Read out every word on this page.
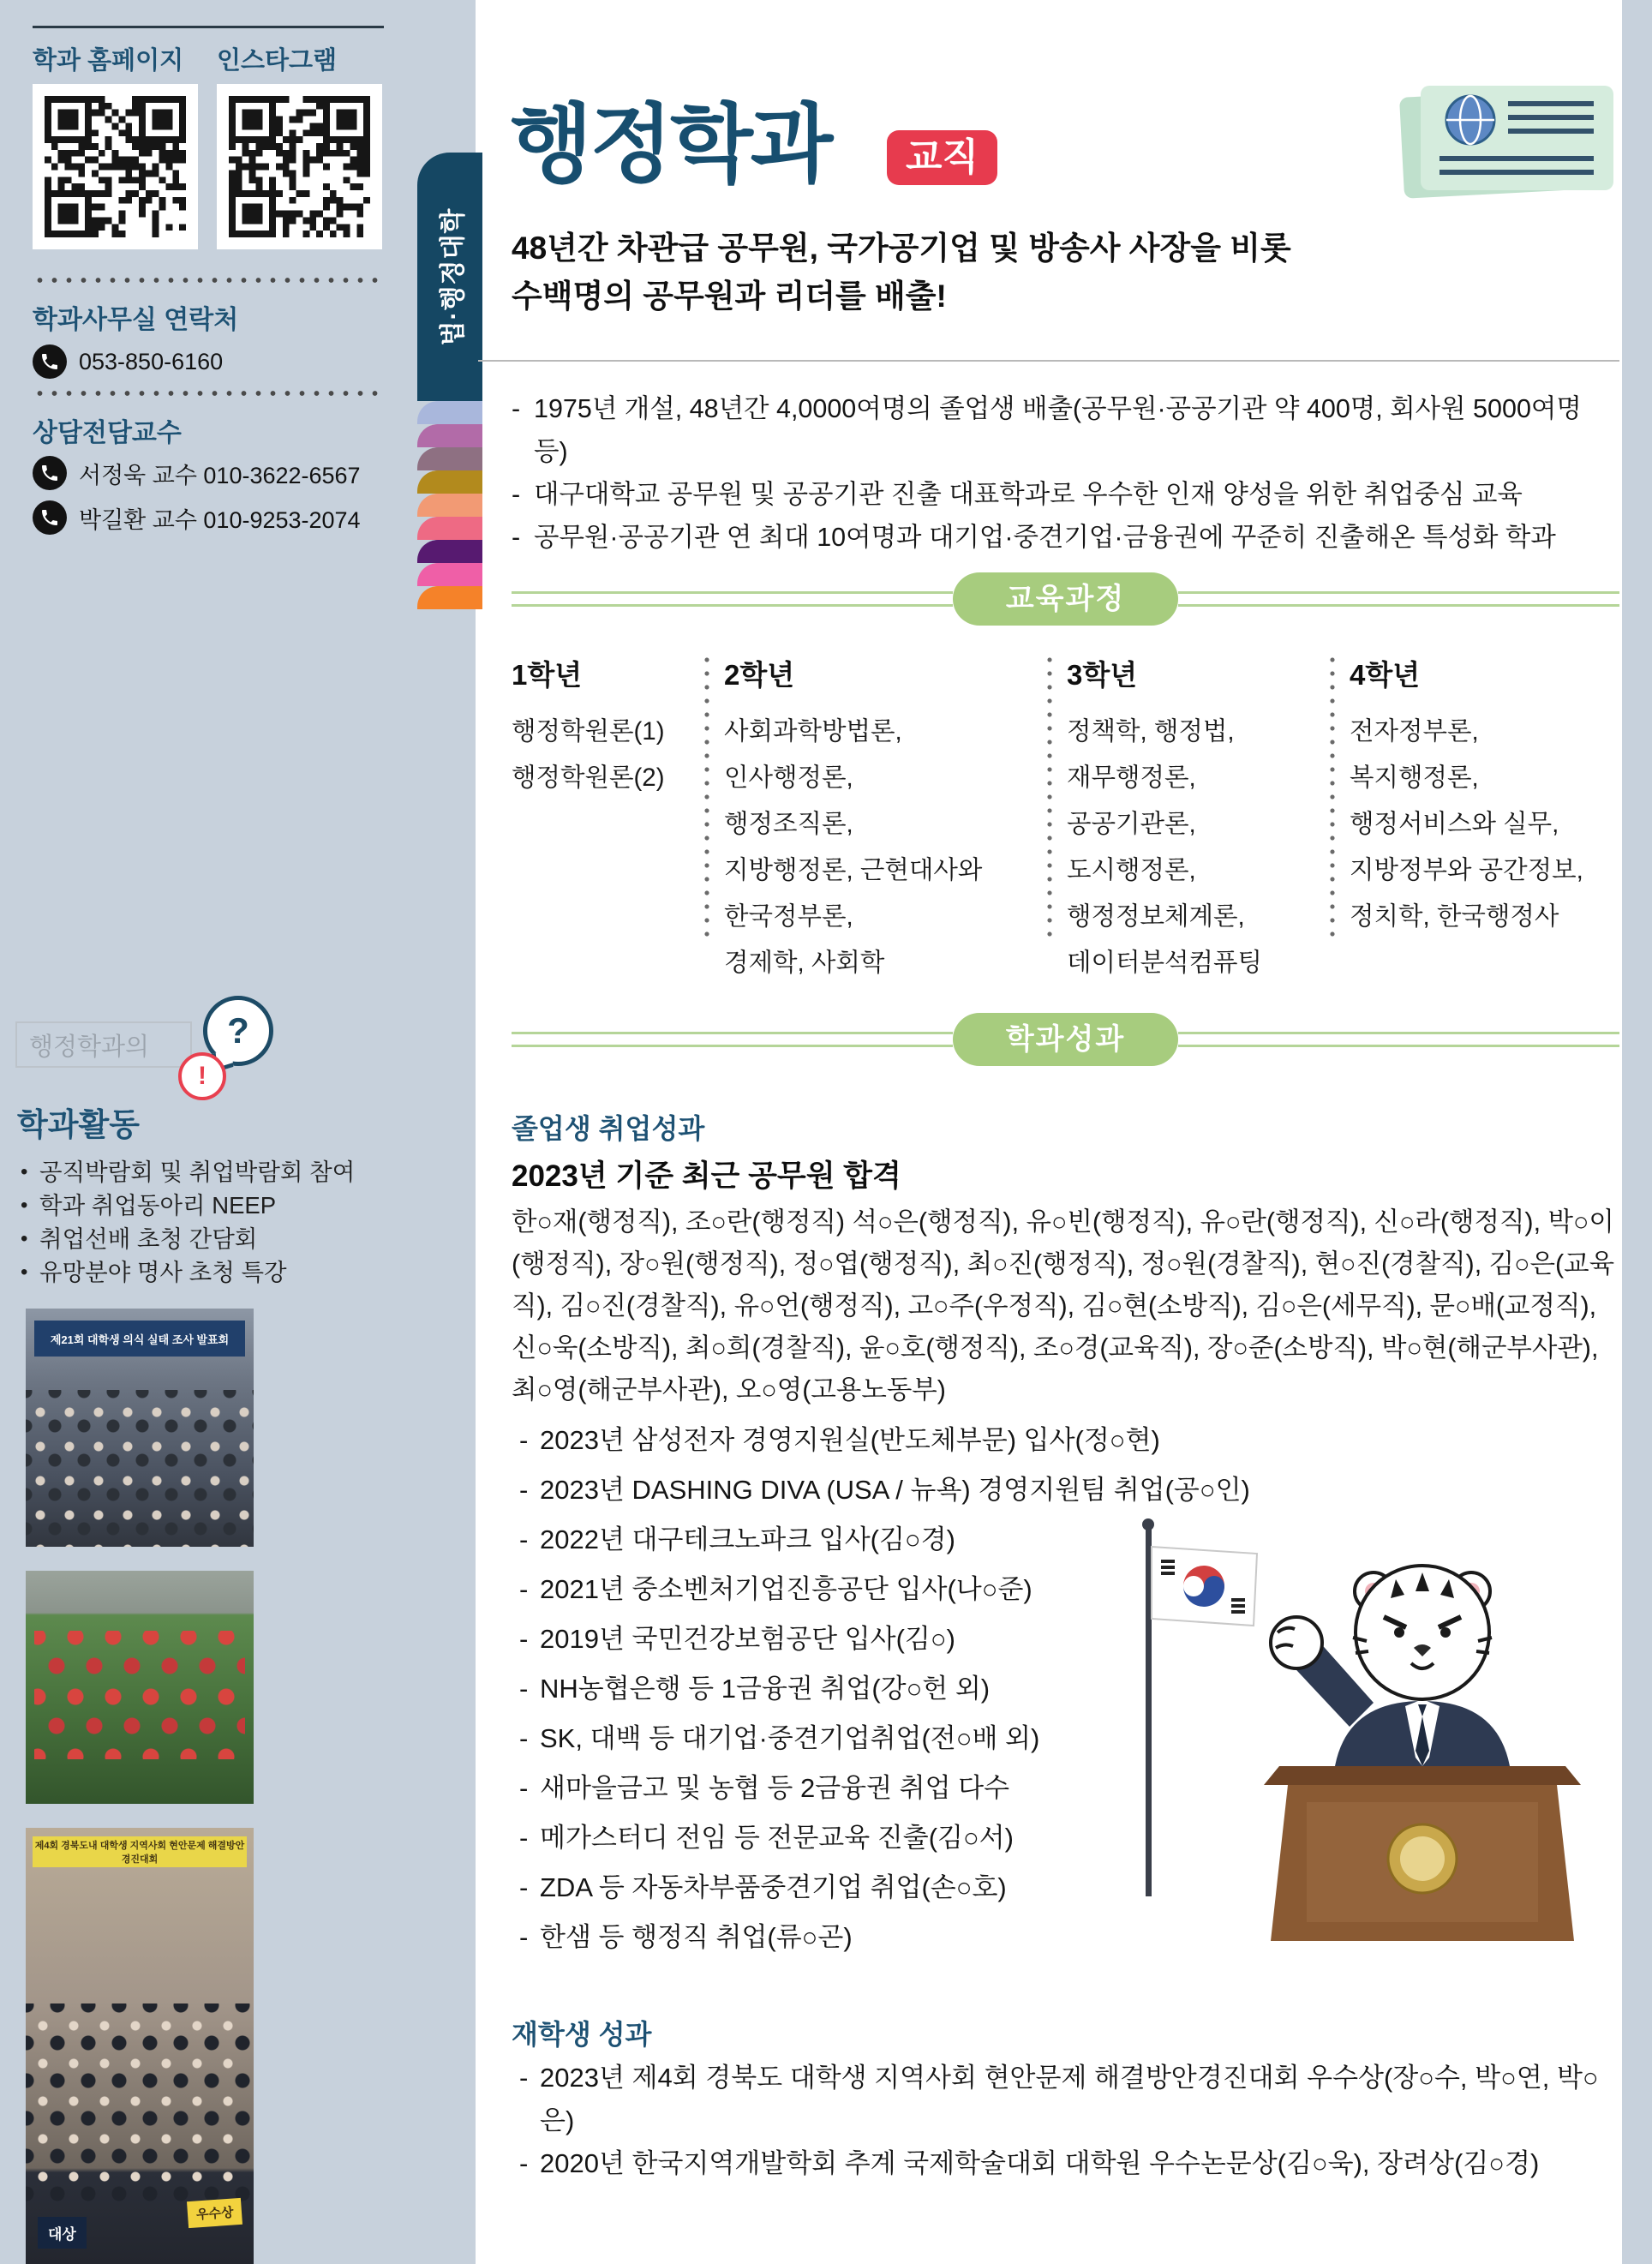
학과 홈페이지 인스타그램
학과사무실 연락처
053-850-6160
상담전담교수
서정욱 교수 010-3622-6567
박길환 교수 010-9253-2074
행정학과의	?
!
학과활동
• 공직박람회 및 취업박람회 참여
• 학과 취업동아리 NEEP
• 취업선배 초청 간담회
• 유망분야 명사 초청 특강
제21회 대학생 의식 실태 조사 발표회
제4회 경북도내 대학생 지역사회 현안문제 해결방안 경진대회
대상
우수상
법·행정대학
행정학과	교직
48년간 차관급 공무원, 국가공기업 및 방송사 사장을 비롯
수백명의 공무원과 리더를 배출!
- 1975년 개설, 48년간 4,0000여명의 졸업생 배출(공무원·공공기관 약 400명, 회사원 5000여명 등)
- 대구대학교 공무원 및 공공기관 진출 대표학과로 우수한 인재 양성을 위한 취업중심 교육
- 공무원·공공기관 연 최대 10여명과 대기업·중견기업·금융권에 꾸준히 진출해온 특성화 학과
교육과정
1학년
행정학원론(1)
행정학원론(2)
2학년
사회과학방법론,
인사행정론,
행정조직론,
지방행정론, 근현대사와
한국정부론,
경제학, 사회학
3학년
정책학, 행정법,
재무행정론,
공공기관론,
도시행정론,
행정정보체계론,
데이터분석컴퓨팅
4학년
전자정부론,
복지행정론,
행정서비스와 실무,
지방정부와 공간정보,
정치학, 한국행정사
학과성과
졸업생 취업성과
2023년 기준 최근 공무원 합격
한○재(행정직), 조○란(행정직) 석○은(행정직), 유○빈(행정직), 유○란(행정직), 신○라(행정직), 박○이(행정직), 장○원(행정직), 정○엽(행정직), 최○진(행정직), 정○원(경찰직), 현○진(경찰직), 김○은(교육직), 김○진(경찰직), 유○언(행정직), 고○주(우정직), 김○현(소방직), 김○은(세무직), 문○배(교정직), 신○욱(소방직), 최○희(경찰직), 윤○호(행정직), 조○경(교육직), 장○준(소방직), 박○현(해군부사관), 최○영(해군부사관), 오○영(고용노동부)
- 2023년 삼성전자 경영지원실(반도체부문) 입사(정○현)
- 2023년 DASHING DIVA (USA / 뉴욕) 경영지원팀 취업(공○인)
- 2022년 대구테크노파크 입사(김○경)
- 2021년 중소벤처기업진흥공단 입사(나○준)
- 2019년 국민건강보험공단 입사(김○)
- NH농협은행 등 1금융권 취업(강○헌 외)
- SK, 대백 등 대기업·중견기업취업(전○배 외)
- 새마을금고 및 농협 등 2금융권 취업 다수
- 메가스터디 전임 등 전문교육 진출(김○서)
- ZDA 등 자동차부품중견기업 취업(손○호)
- 한샘 등 행정직 취업(류○곤)
재학생 성과
- 2023년 제4회 경북도 대학생 지역사회 현안문제 해결방안경진대회 우수상(장○수, 박○연, 박○은)
- 2020년 한국지역개발학회 추계 국제학술대회 대학원 우수논문상(김○욱), 장려상(김○경)
